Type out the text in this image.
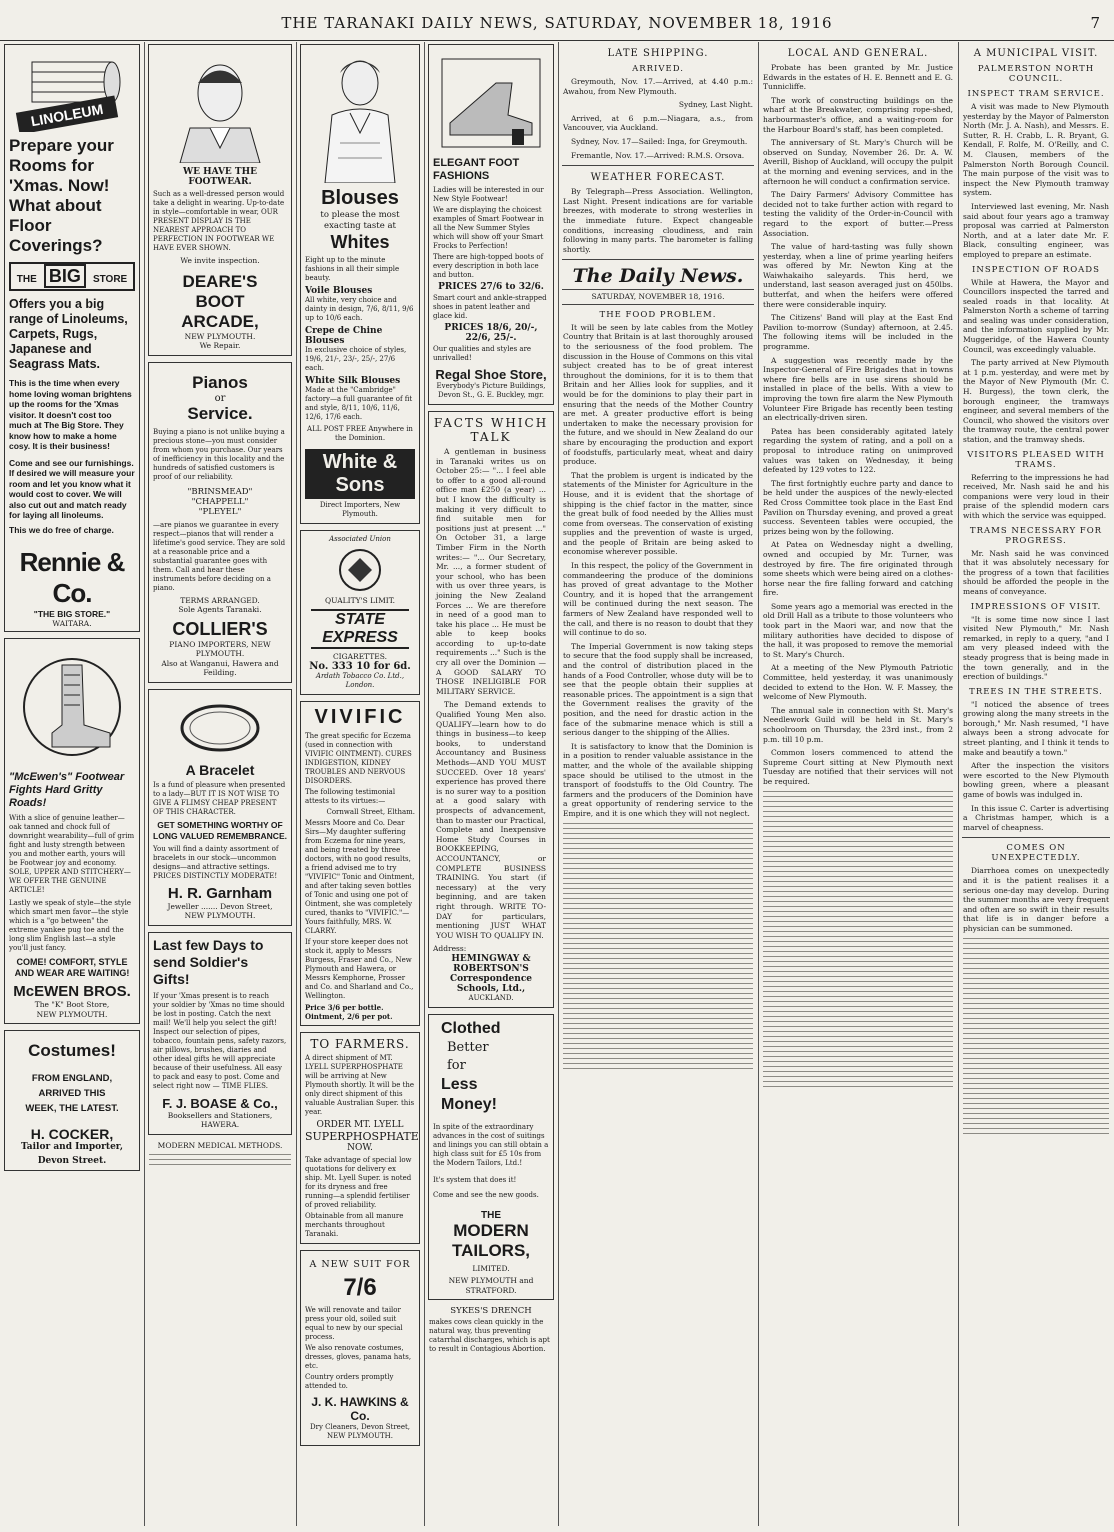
THE TARANAKI DAILY NEWS, SATURDAY, NOVEMBER 18, 1916	7
LINOLEUM
Prepare your Rooms for 'Xmas. Now! What about Floor Coverings?
THE BIG STORE
Offers you a big range of Linoleums, Carpets, Rugs, Japanese and Seagrass Mats.
This is the time when every home loving woman brightens up the rooms for the 'Xmas visitor. It doesn't cost too much at The Big Store. They know how to make a home cosy. It is their business!
Come and see our furnishings. If desired we will measure your room and let you know what it would cost to cover. We will also cut out and match ready for laying all linoleums.
This we do free of charge.
Rennie & Co.
"THE BIG STORE."
WAITARA.
"McEwen's" Footwear Fights Hard Gritty Roads!
With a slice of genuine leather—oak tanned and chock full of downright wearability—full of grim fight and lusty strength between you and mother earth, yours will be Footwear joy and economy. SOLE, UPPER AND STITCHERY—WE OFFER THE GENUINE ARTICLE!
Lastly we speak of style—the style which smart men favor—the style which is a "go between" the extreme yankee pug toe and the long slim English last—a style you'll just fancy.
COME! COMFORT, STYLE AND WEAR ARE WAITING!
McEWEN BROS.
The "K" Boot Store,
NEW PLYMOUTH.
Costumes!
FROM ENGLAND, ARRIVED THIS WEEK, THE LATEST.
H. COCKER,
Tailor and Importer,
Devon Street.
WE HAVE THE FOOTWEAR.
Such as a well-dressed person would take a delight in wearing. Up-to-date in style—comfortable in wear, OUR PRESENT DISPLAY IS THE NEAREST APPROACH TO PERFECTION IN FOOTWEAR WE HAVE EVER SHOWN.
We invite inspection.
DEARE'S
BOOT
ARCADE,
NEW PLYMOUTH.
We Repair.
Pianos
or
Service.
Buying a piano is not unlike buying a precious stone—you must consider from whom you purchase. Our years of inefficiency in this locality and the hundreds of satisfied customers is proof of our reliability.
"BRINSMEAD"
"CHAPPELL"
"PLEYEL"
—are pianos we guarantee in every respect—pianos that will render a lifetime's good service. They are sold at a reasonable price and a substantial guarantee goes with them. Call and hear these instruments before deciding on a piano.
TERMS ARRANGED.
Sole Agents Taranaki.
COLLIER'S
PIANO IMPORTERS, NEW PLYMOUTH.
Also at Wanganui, Hawera and Feilding.
A Bracelet
Is a fund of pleasure when presented to a lady—BUT IT IS NOT WISE TO GIVE A FLIMSY CHEAP PRESENT OF THIS CHARACTER.
GET SOMETHING WORTHY OF LONG VALUED REMEMBRANCE.
You will find a dainty assortment of bracelets in our stock—uncommon designs—and attractive settings. PRICES DISTINCTLY MODERATE!
H. R. Garnham
Jeweller ....... Devon Street,
NEW PLYMOUTH.
Last few Days to send Soldier's Gifts!
If your 'Xmas present is to reach your soldier by 'Xmas no time should be lost in posting. Catch the next mail! We'll help you select the gift! Inspect our selection of pipes, tobacco, fountain pens, safety razors, air pillows, brushes, diaries and other ideal gifts he will appreciate because of their usefulness. All easy to pack and easy to post. Come and select right now — TIME FLIES.
F. J. BOASE & Co.,
Booksellers and Stationers,
HAWERA.
MODERN MEDICAL METHODS.
Blouses
to please the most exacting taste at
Whites
Eight up to the minute fashions in all their simple beauty.
Voile Blouses
All white, very choice and dainty in design, 7/6, 8/11, 9/6 up to 10/6 each.
Crepe de Chine Blouses
In exclusive choice of styles, 19/6, 21/-, 23/-, 25/-, 27/6 each.
White Silk Blouses
Made at the "Cambridge" factory—a full guarantee of fit and style, 8/11, 10/6, 11/6, 12/6, 17/6 each.
ALL POST FREE Anywhere in the Dominion.
White & Sons
Direct Importers, New Plymouth.
Associated Union
QUALITY'S LIMIT.
STATE EXPRESS
CIGARETTES.
No. 333 10 for 6d.
Ardath Tobacco Co. Ltd., London.
VIVIFIC
The great specific for Eczema (used in connection with VIVIFIC OINTMENT). CURES INDIGESTION, KIDNEY TROUBLES AND NERVOUS DISORDERS.
The following testimonial attests to its virtues:—
Cornwall Street, Eltham.
Messrs Moore and Co. Dear Sirs—My daughter suffering from Eczema for nine years, and being treated by three doctors, with no good results, a friend advised me to try "VIVIFIC" Tonic and Ointment, and after taking seven bottles of Tonic and using one pot of Ointment, she was completely cured, thanks to "VIVIFIC."—Yours faithfully, MRS. W. CLARRY.
If your store keeper does not stock it, apply to Messrs Burgess, Fraser and Co., New Plymouth and Hawera, or Messrs Kemphorne, Prosser and Co. and Sharland and Co., Wellington.
Price 3/6 per bottle. Ointment, 2/6 per pot.
TO FARMERS.
A direct shipment of MT. LYELL SUPERPHOSPHATE will be arriving at New Plymouth shortly. It will be the only direct shipment of this valuable Australian Super. this year.
ORDER MT. LYELL
SUPERPHOSPHATE
NOW.
Take advantage of special low quotations for delivery ex ship. Mt. Lyell Super. is noted for its dryness and free running—a splendid fertiliser of proved reliability.
Obtainable from all manure merchants throughout Taranaki.
A NEW SUIT FOR
7/6
We will renovate and tailor press your old, soiled suit equal to new by our special process.
We also renovate costumes, dresses, gloves, panama hats, etc.
Country orders promptly attended to.
J. K. HAWKINS & Co.
Dry Cleaners, Devon Street, NEW PLYMOUTH.
ELEGANT FOOT FASHIONS
Ladies will be interested in our New Style Footwear!
We are displaying the choicest examples of Smart Footwear in all the New Summer Styles which will show off your Smart Frocks to Perfection!
There are high-topped boots of every description in both lace and button.
PRICES 27/6 to 32/6.
Smart court and ankle-strapped shoes in patent leather and glace kid.
PRICES 18/6, 20/-, 22/6, 25/-.
Our qualities and styles are unrivalled!
Regal Shoe Store,
Everybody's Picture Buildings,
Devon St., G. E. Buckley, mgr.
FACTS WHICH TALK
A gentleman in business in Taranaki writes us on October 25:— "... I feel able to offer to a good all-round office man £250 (a year) ... but I know the difficulty is making it very difficult to find suitable men for positions just at present ..." On October 31, a large Timber Firm in the North writes:— "... Our Secretary, Mr. ..., a former student of your school, who has been with us over three years, is joining the New Zealand Forces ... We are therefore in need of a good man to take his place ... He must be able to keep books according to up-to-date requirements ..." Such is the cry all over the Dominion —A GOOD SALARY TO THOSE INELIGIBLE FOR MILITARY SERVICE.
The Demand extends to Qualified Young Men also. QUALIFY—learn how to do things in business—to keep books, to understand Accountancy and Business Methods—AND YOU MUST SUCCEED. Over 18 years' experience has proved there is no surer way to a position at a good salary with prospects of advancement, than to master our Practical, Complete and Inexpensive Home Study Courses in BOOKKEEPING, ACCOUNTANCY, or COMPLETE BUSINESS TRAINING. You start (if necessary) at the very beginning, and are taken right through. WRITE TO-DAY for particulars, mentioning JUST WHAT YOU WISH TO QUALIFY IN.
Address:
HEMINGWAY & ROBERTSON'S Correspondence Schools, Ltd.,
AUCKLAND.
Clothed
Better
for
Less
Money!
In spite of the extraordinary advances in the cost of suitings and linings you can still obtain a high class suit for £5 10s from the Modern Tailors, Ltd.!
It's system that does it!
Come and see the new goods.
THE
MODERN
TAILORS,
LIMITED.
NEW PLYMOUTH and STRATFORD.
SYKES'S DRENCH
makes cows clean quickly in the natural way, thus preventing catarrhal discharges, which is apt to result in Contagious Abortion.
LATE SHIPPING.
ARRIVED.
Greymouth, Nov. 17.—Arrived, at 4.40 p.m.: Awahou, from New Plymouth.
Sydney, Last Night.
Arrived, at 6 p.m.—Niagara, a.s., from Vancouver, via Auckland.
Sydney, Nov. 17—Sailed: Inga, for Greymouth.
Fremantle, Nov. 17.—Arrived: R.M.S. Orsova.
WEATHER FORECAST.
By Telegraph—Press Association. Wellington, Last Night. Present indications are for variable breezes, with moderate to strong westerlies in the immediate future. Expect changeable conditions, increasing cloudiness, and rain following in many parts. The barometer is falling shortly.
The Daily News.
SATURDAY, NOVEMBER 18, 1916.
THE FOOD PROBLEM.
It will be seen by late cables from the Motley Country that Britain is at last thoroughly aroused to the seriousness of the food problem. The discussion in the House of Commons on this vital subject created has to be of great interest throughout the dominions, for it is to them that Britain and her Allies look for supplies, and it would be for the dominions to play their part in ensuring that the needs of the Mother Country are met. A greater productive effort is being undertaken to make the necessary provision for the future, and we should in New Zealand do our share by encouraging the production and export of foodstuffs, particularly meat, wheat and dairy produce.
That the problem is urgent is indicated by the statements of the Minister for Agriculture in the House, and it is evident that the shortage of shipping is the chief factor in the matter, since the great bulk of food needed by the Allies must come from overseas. The conservation of existing supplies and the prevention of waste is urged, and the people of Britain are being asked to economise wherever possible.
In this respect, the policy of the Government in commandeering the produce of the dominions has proved of great advantage to the Mother Country, and it is hoped that the arrangement will be continued during the next season. The farmers of New Zealand have responded well to the call, and there is no reason to doubt that they will continue to do so.
The Imperial Government is now taking steps to secure that the food supply shall be increased, and the control of distribution placed in the hands of a Food Controller, whose duty will be to see that the people obtain their supplies at reasonable prices. The appointment is a sign that the Government realises the gravity of the position, and the need for drastic action in the face of the submarine menace which is still a serious danger to the shipping of the Allies.
It is satisfactory to know that the Dominion is in a position to render valuable assistance in the matter, and the whole of the available shipping space should be utilised to the utmost in the transport of foodstuffs to the Old Country. The farmers and the producers of the Dominion have a great opportunity of rendering service to the Empire, and it is one which they will not neglect.
LOCAL AND GENERAL.
Probate has been granted by Mr. Justice Edwards in the estates of H. E. Bennett and E. G. Tunnicliffe.
The work of constructing buildings on the wharf at the Breakwater, comprising rope-shed, harbourmaster's office, and a waiting-room for the Harbour Board's staff, has been completed.
The anniversary of St. Mary's Church will be observed on Sunday, November 26. Dr. A. W. Averill, Bishop of Auckland, will occupy the pulpit at the morning and evening services, and in the afternoon he will conduct a confirmation service.
The Dairy Farmers' Advisory Committee has decided not to take further action with regard to testing the validity of the Order-in-Council with regard to the export of butter.—Press Association.
The value of hard-tasting was fully shown yesterday, when a line of prime yearling heifers was offered by Mr. Newton King at the Waiwhakaiho saleyards. This herd, we understand, last season averaged just on 450lbs. butterfat, and when the heifers were offered there were considerable inquiry.
The Citizens' Band will play at the East End Pavilion to-morrow (Sunday) afternoon, at 2.45. The following items will be included in the programme.
A suggestion was recently made by the Inspector-General of Fire Brigades that in towns where fire bells are in use sirens should be installed in place of the bells. With a view to improving the town fire alarm the New Plymouth Volunteer Fire Brigade has recently been testing an electrically-driven siren.
Patea has been considerably agitated lately regarding the system of rating, and a poll on a proposal to introduce rating on unimproved values was taken on Wednesday, it being defeated by 129 votes to 122.
The first fortnightly euchre party and dance to be held under the auspices of the newly-elected Red Cross Committee took place in the East End Pavilion on Thursday evening, and proved a great success. Seventeen tables were occupied, the prizes being won by the following.
At Patea on Wednesday night a dwelling, owned and occupied by Mr. Turner, was destroyed by fire. The fire originated through some sheets which were being aired on a clothes-horse near the fire falling forward and catching fire.
Some years ago a memorial was erected in the old Drill Hall as a tribute to those volunteers who took part in the Maori war, and now that the military authorities have decided to dispose of the hall, it was proposed to remove the memorial to St. Mary's Church.
At a meeting of the New Plymouth Patriotic Committee, held yesterday, it was unanimously decided to extend to the Hon. W. F. Massey, the welcome of New Plymouth.
The annual sale in connection with St. Mary's Needlework Guild will be held in St. Mary's schoolroom on Thursday, the 23rd inst., from 2 p.m. till 10 p.m.
Common losers commenced to attend the Supreme Court sitting at New Plymouth next Tuesday are notified that their services will not be required.
A MUNICIPAL VISIT.
PALMERSTON NORTH COUNCIL.
INSPECT TRAM SERVICE.
A visit was made to New Plymouth yesterday by the Mayor of Palmerston North (Mr. J. A. Nash), and Messrs. E. Sutter, R. H. Crabb, L. R. Bryant, G. Kendall, F. Rolfe, M. O'Reilly, and C. M. Clausen, members of the Palmerston North Borough Council. The main purpose of the visit was to inspect the New Plymouth tramway system.
Interviewed last evening, Mr. Nash said about four years ago a tramway proposal was carried at Palmerston North, and at a later date Mr. F. Black, consulting engineer, was employed to prepare an estimate.
INSPECTION OF ROADS
While at Hawera, the Mayor and Councillors inspected the tarred and sealed roads in that locality. At Palmerston North a scheme of tarring and sealing was under consideration, and the information supplied by Mr. Muggeridge, of the Hawera County Council, was exceedingly valuable.
The party arrived at New Plymouth at 1 p.m. yesterday, and were met by the Mayor of New Plymouth (Mr. C. H. Burgess), the town clerk, the borough engineer, the tramways engineer, and several members of the Council, who showed the visitors over the tramway route, the central power station, and the tramway sheds.
VISITORS PLEASED WITH TRAMS.
Referring to the impressions he had received, Mr. Nash said he and his companions were very loud in their praise of the splendid modern cars with which the service was equipped.
TRAMS NECESSARY FOR PROGRESS.
Mr. Nash said he was convinced that it was absolutely necessary for the progress of a town that facilities should be afforded the people in the means of conveyance.
IMPRESSIONS OF VISIT.
"It is some time now since I last visited New Plymouth," Mr. Nash remarked, in reply to a query, "and I am very pleased indeed with the steady progress that is being made in the town generally, and in the erection of buildings."
TREES IN THE STREETS.
"I noticed the absence of trees growing along the many streets in the borough," Mr. Nash resumed, "I have always been a strong advocate for street planting, and I think it tends to make and beautify a town."
After the inspection the visitors were escorted to the New Plymouth bowling green, where a pleasant game of bowls was indulged in.
In this issue C. Carter is advertising a Christmas hamper, which is a marvel of cheapness.
COMES ON UNEXPECTEDLY.
Diarrhoea comes on unexpectedly and it is the patient realises it a serious one-day may develop. During the summer months are very frequent and often are so swift in their results that life is in danger before a physician can be summoned.
